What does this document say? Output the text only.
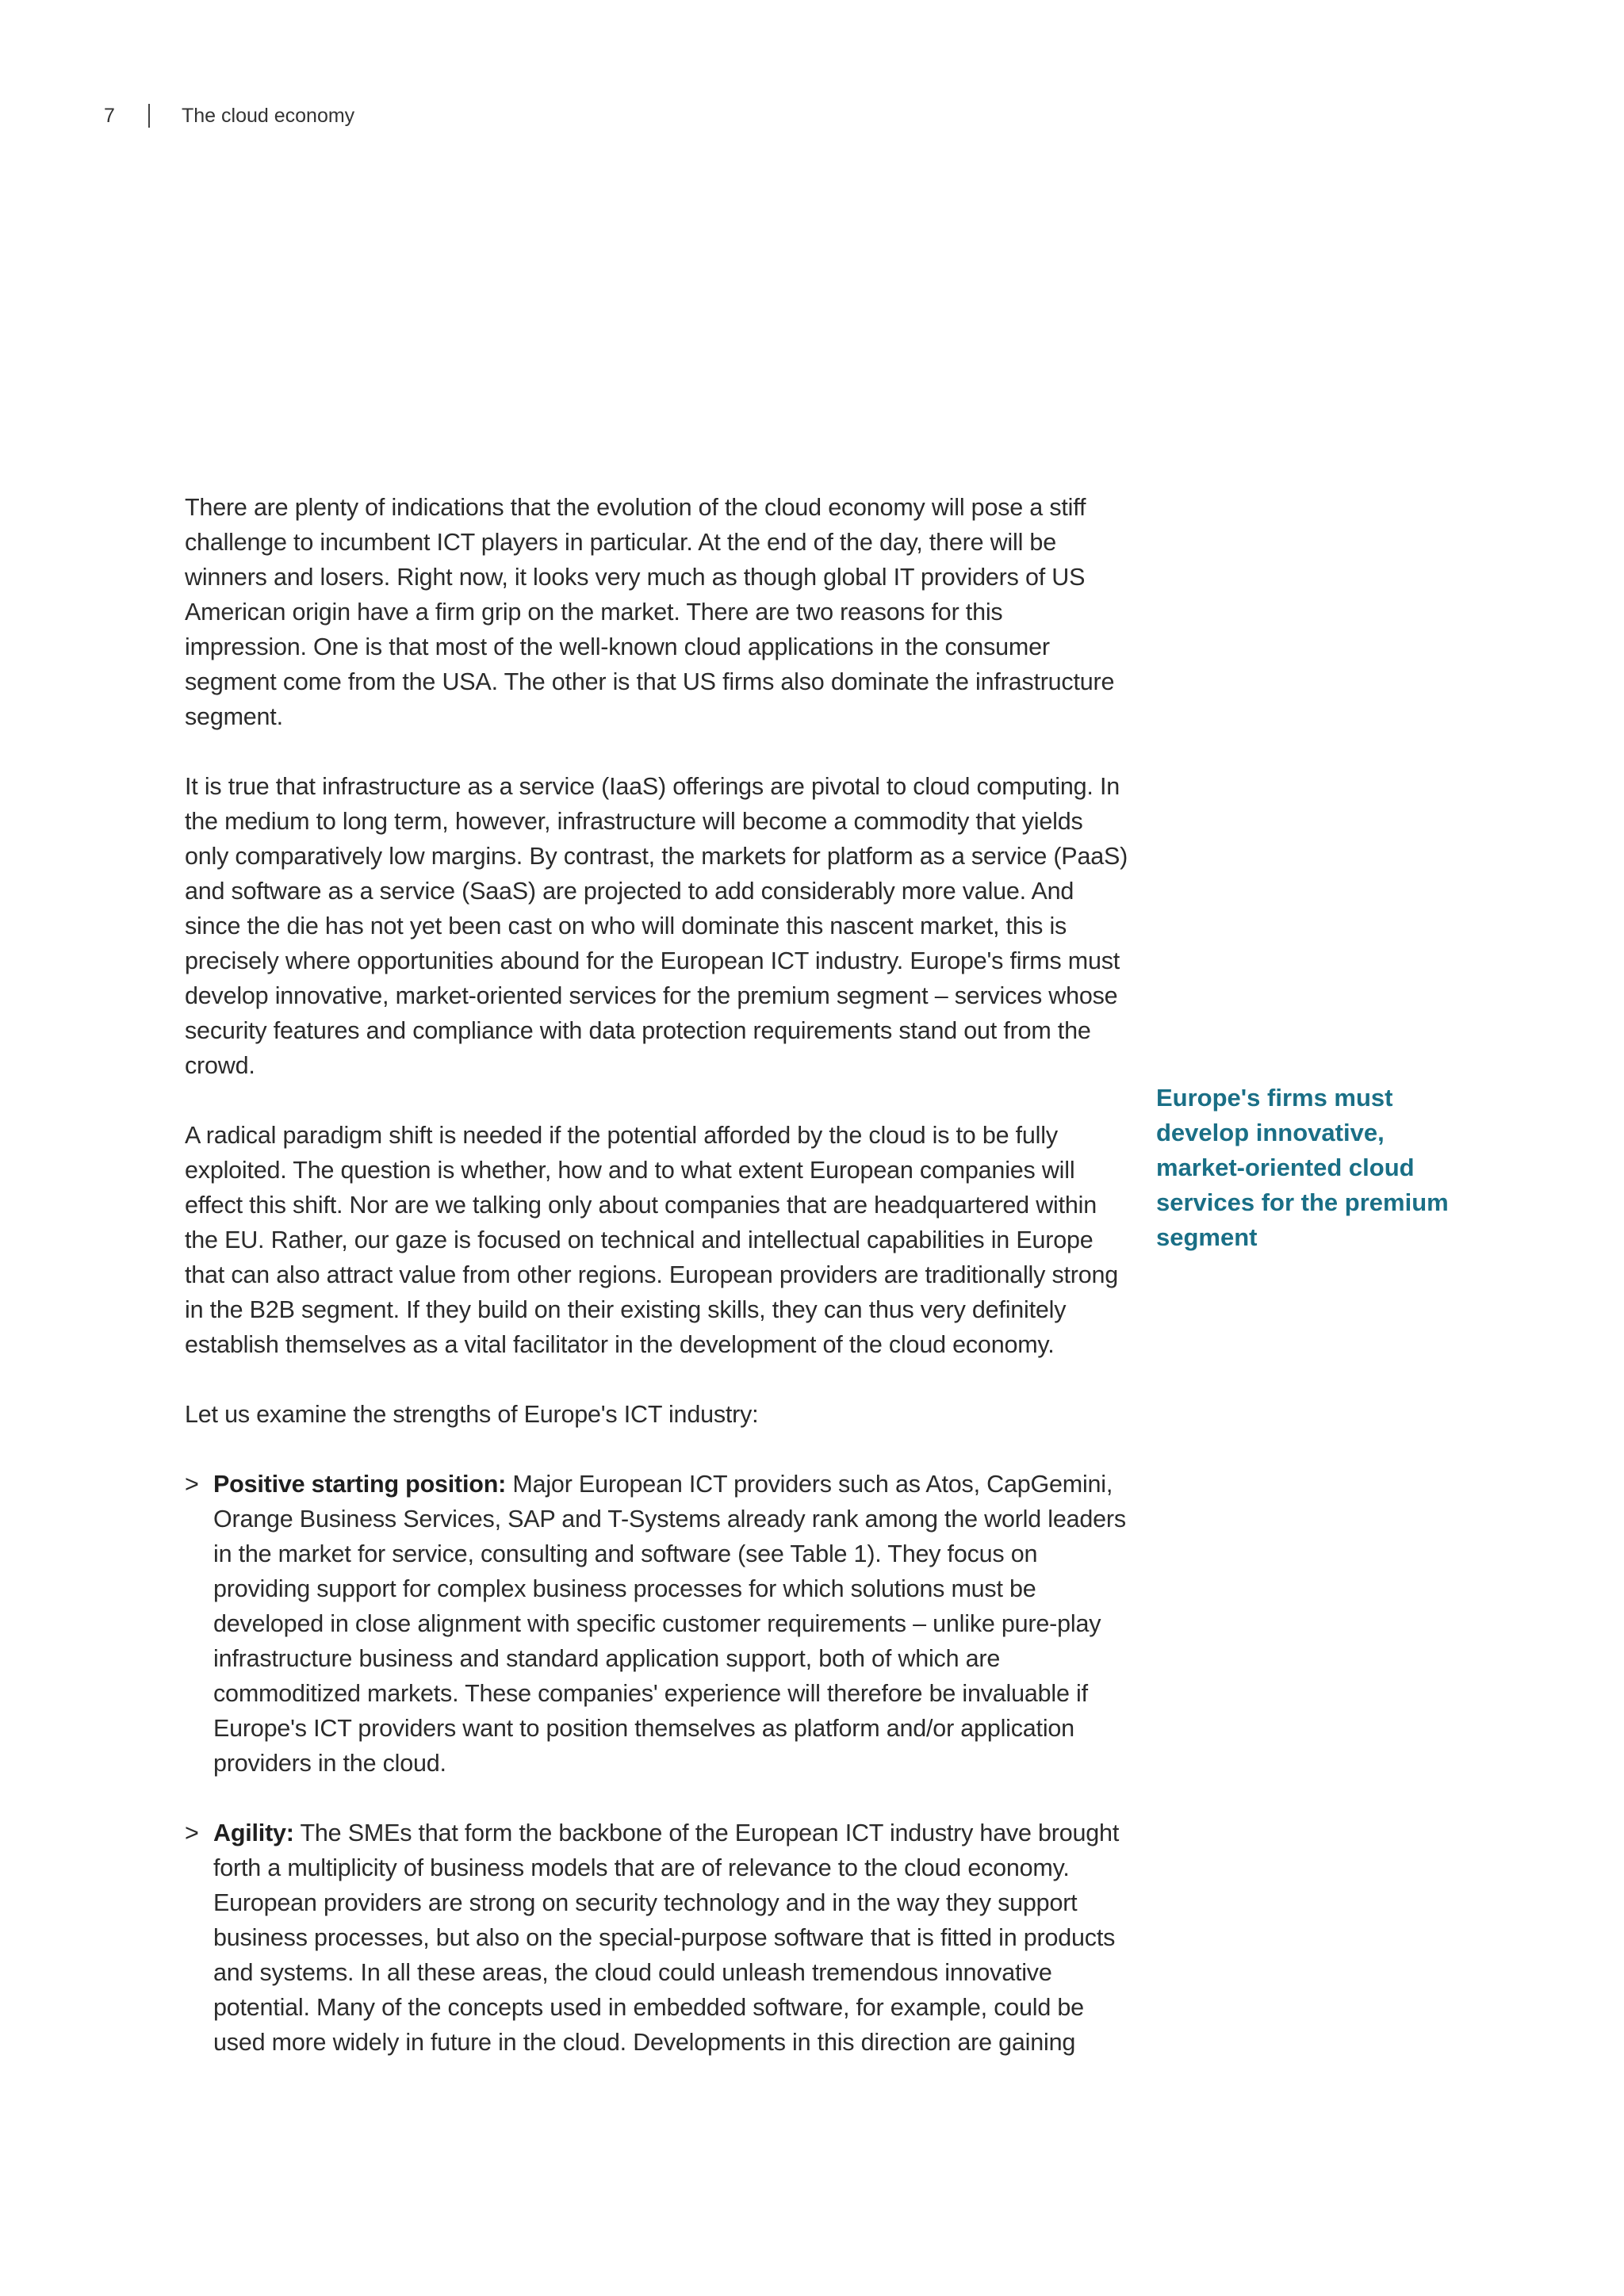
7	The cloud economy

There are plenty of indications that the evolution of the cloud economy will pose a stiff challenge to incumbent ICT players in particular. At the end of the day, there will be winners and losers. Right now, it looks very much as though global IT providers of US American origin have a firm grip on the market. There are two reasons for this impression. One is that most of the well-known cloud applications in the consumer segment come from the USA. The other is that US firms also dominate the infrastructure segment.

It is true that infrastructure as a service (IaaS) offerings are pivotal to cloud computing. In the medium to long term, however, infrastructure will become a commodity that yields only comparatively low margins. By contrast, the markets for platform as a service (PaaS) and software as a service (SaaS) are projected to add considerably more value. And since the die has not yet been cast on who will dominate this nascent market, this is precisely where opportunities abound for the European ICT industry. Europe's firms must develop innovative, market-oriented services for the premium segment – services whose security features and compliance with data protection requirements stand out from the crowd.

A radical paradigm shift is needed if the potential afforded by the cloud is to be fully exploited. The question is whether, how and to what extent European companies will effect this shift. Nor are we talking only about companies that are headquartered within the EU. Rather, our gaze is focused on technical and intellectual capabilities in Europe that can also attract value from other regions. European providers are traditionally strong in the B2B segment. If they build on their existing skills, they can thus very definitely establish themselves as a vital facilitator in the development of the cloud economy.

Let us examine the strengths of Europe's ICT industry:

> Positive starting position: Major European ICT providers such as Atos, CapGemini, Orange Business Services, SAP and T-Systems already rank among the world leaders in the market for service, consulting and software (see Table 1). They focus on providing support for complex business processes for which solutions must be developed in close alignment with specific customer requirements – unlike pure-play infrastructure business and standard application support, both of which are commoditized markets. These companies' experience will therefore be invaluable if Europe's ICT providers want to position themselves as platform and/or application providers in the cloud.
> Agility: The SMEs that form the backbone of the European ICT industry have brought forth a multiplicity of business models that are of relevance to the cloud economy. European providers are strong on security technology and in the way they support business processes, but also on the special-purpose software that is fitted in products and systems. In all these areas, the cloud could unleash tremendous innovative potential. Many of the concepts used in embedded software, for example, could be used more widely in future in the cloud. Developments in this direction are gaining
Europe's firms must develop innovative, market-oriented cloud services for the premium segment
